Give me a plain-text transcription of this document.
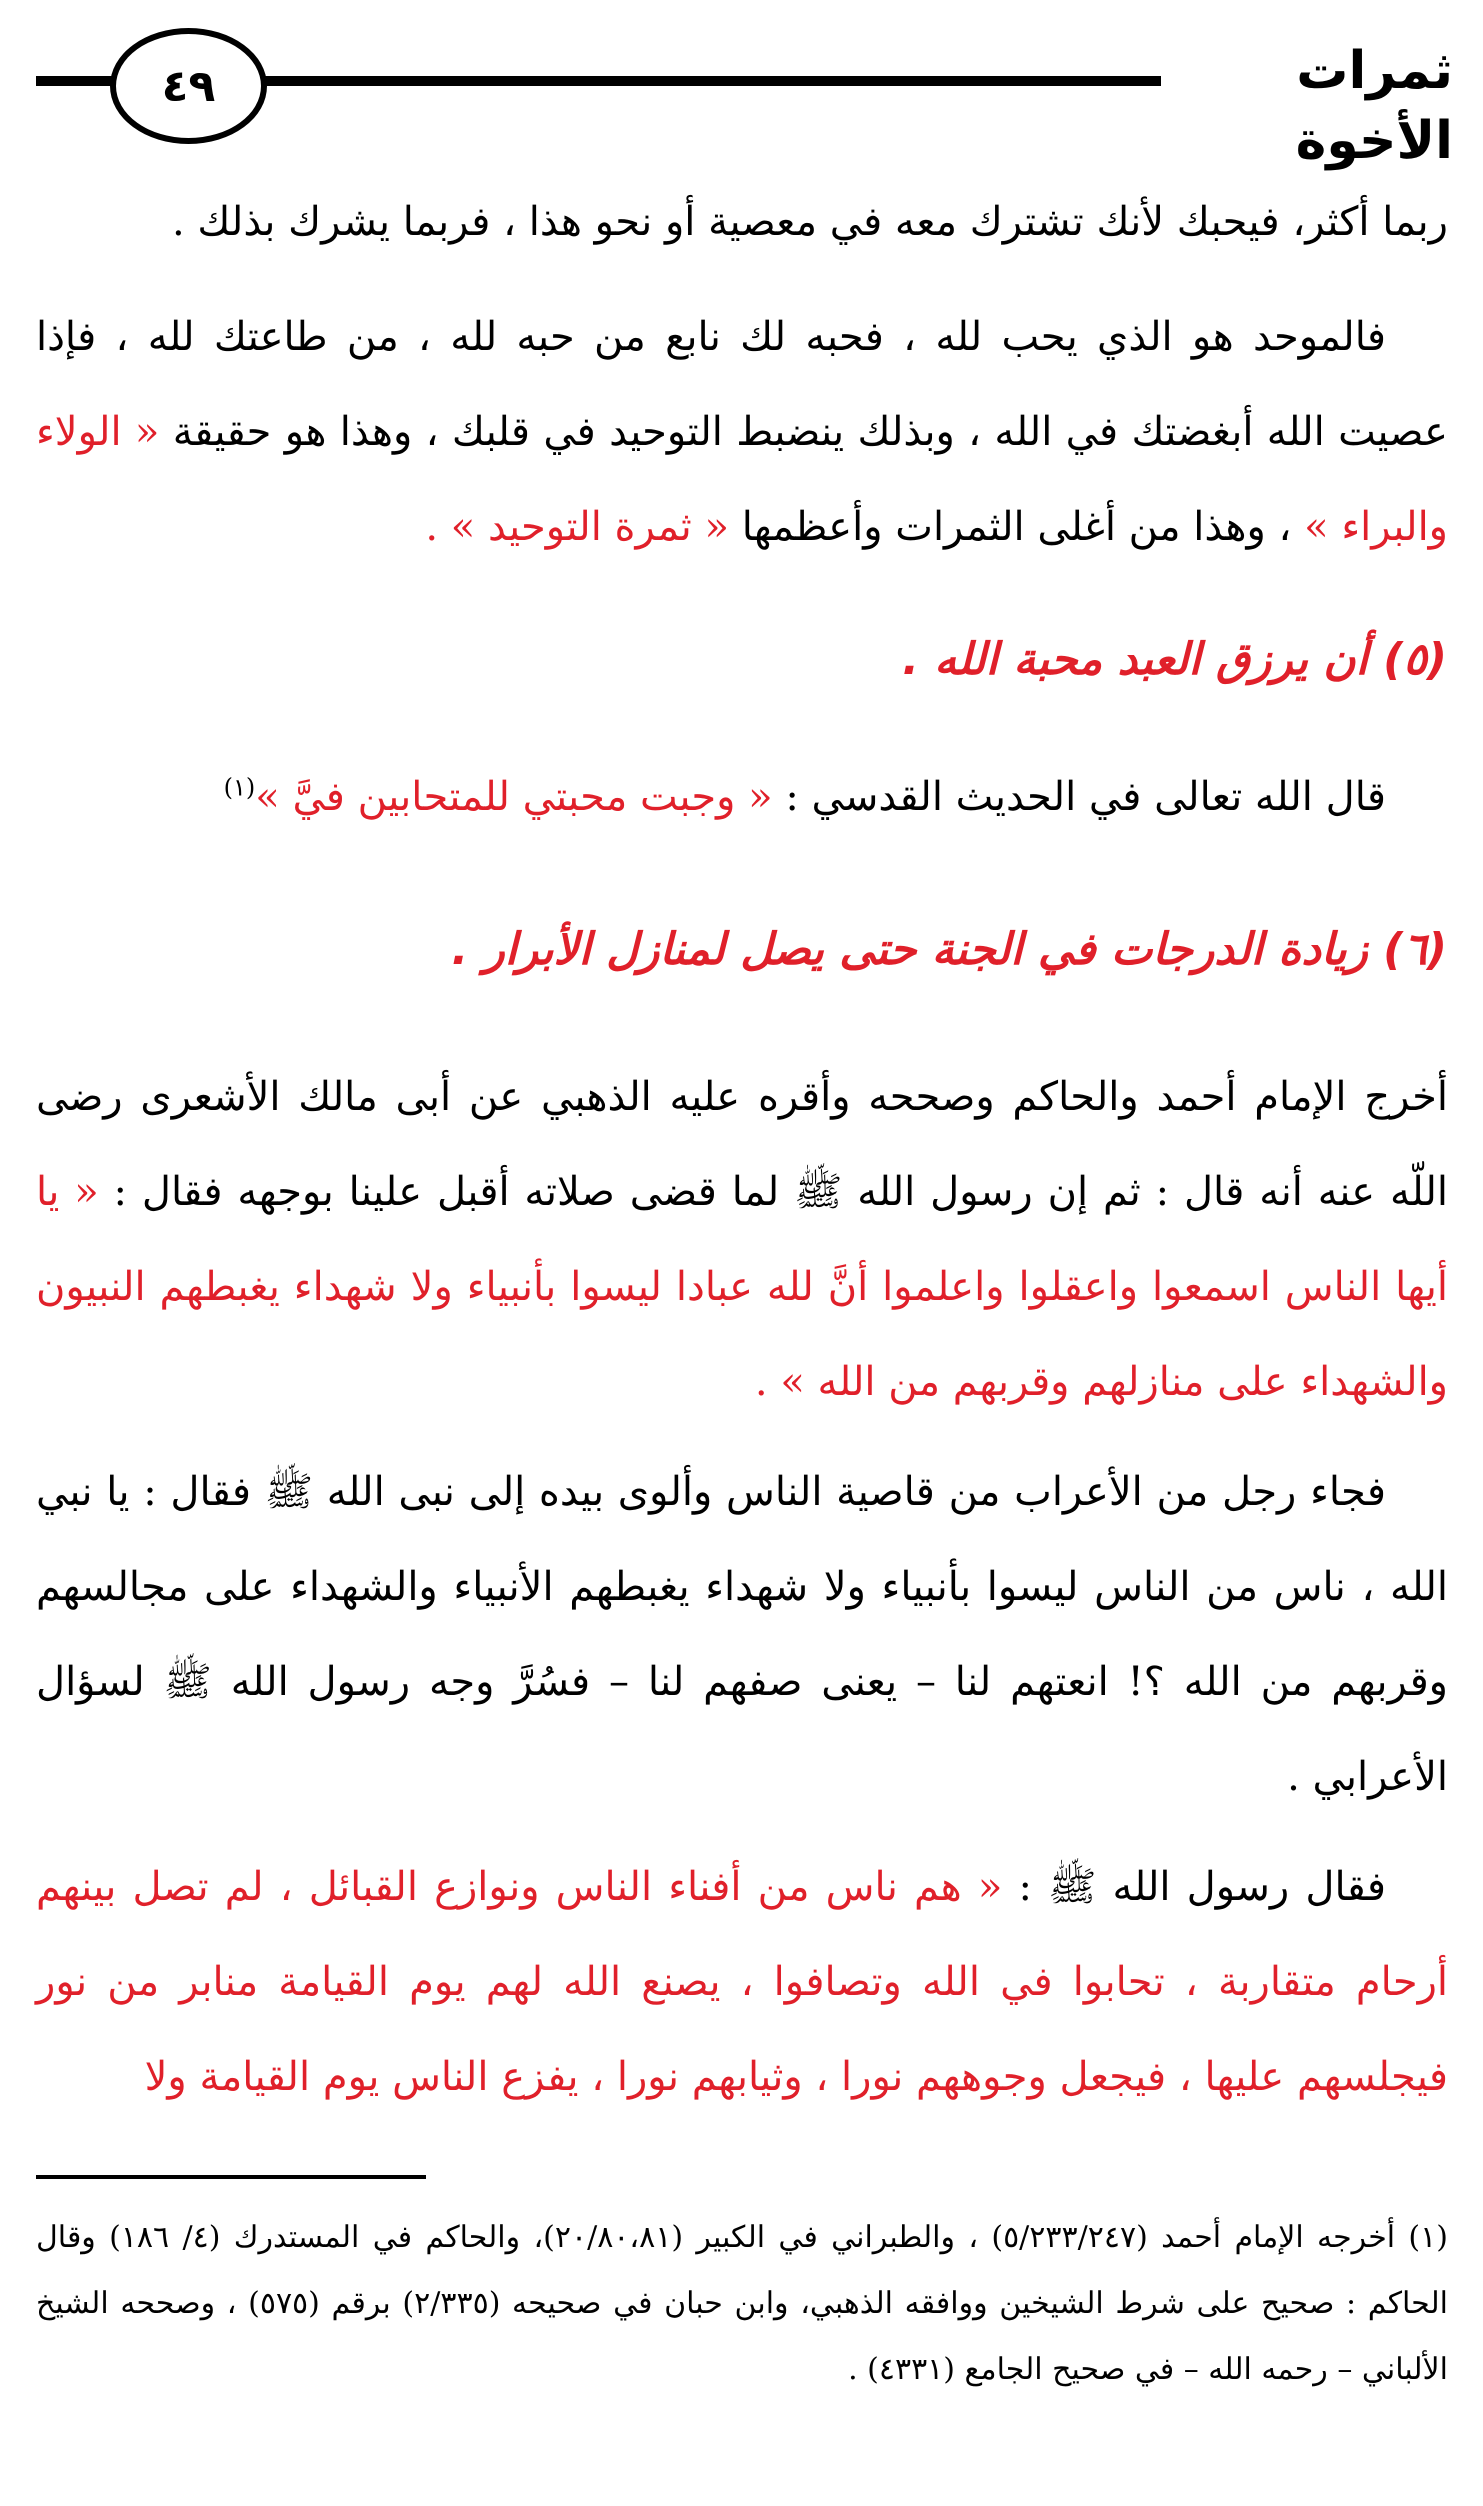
ثمرات الأخوة
٤٩

ربما أكثر، فيحبك لأنك تشترك معه في معصية أو نحو هذا ، فربما يشرك بذلك .

فالموحد هو الذي يحب لله ، فحبه لك نابع من حبه لله ، من طاعتك لله ، فإذا عصيت الله أبغضتك في الله ، وبذلك ينضبط التوحيد في قلبك ، وهذا هو حقيقة « الولاء والبراء » ، وهذا من أغلى الثمرات وأعظمها « ثمرة التوحيد » .

(٥) أن يرزق العبد محبة الله .

قال الله تعالى في الحديث القدسي : « وجبت محبتي للمتحابين فيَّ »$^{(١)}$

(٦) زيادة الدرجات في الجنة حتى يصل لمنازل الأبرار .

أخرج الإمام أحمد والحاكم وصححه وأقره عليه الذهبي عن أبى مالك الأشعرى رضى اللّه عنه أنه قال : ثم إن رسول الله ﷺ لما قضى صلاته أقبل علينا بوجهه فقال : « يا أيها الناس اسمعوا واعقلوا واعلموا أنَّ لله عبادا ليسوا بأنبياء ولا شهداء يغبطهم النبيون والشهداء على منازلهم وقربهم من الله » .

فجاء رجل من الأعراب من قاصية الناس وألوى بيده إلى نبى الله ﷺ فقال : يا نبي الله ، ناس من الناس ليسوا بأنبياء ولا شهداء يغبطهم الأنبياء والشهداء على مجالسهم وقربهم من الله ؟! انعتهم لنا – يعنى صفهم لنا – فسُرَّ وجه رسول الله ﷺ لسؤال الأعرابي .

فقال رسول الله ﷺ : « هم ناس من أفناء الناس ونوازع القبائل ، لم تصل بينهم أرحام متقاربة ، تحابوا في الله وتصافوا ، يصنع الله لهم يوم القيامة منابر من نور فيجلسهم عليها ، فيجعل وجوههم نورا ، وثيابهم نورا ، يفزع الناس يوم القيامة ولا

(١) أخرجه الإمام أحمد (٥/٢٣٣/٢٤٧) ، والطبراني في الكبير (٢٠/٨٠،٨١)، والحاكم في المستدرك (٤/ ١٨٦) وقال الحاكم : صحيح على شرط الشيخين ووافقه الذهبي، وابن حبان في صحيحه (٢/٣٣٥) برقم (٥٧٥) ، وصححه الشيخ الألباني – رحمه الله – في صحيح الجامع (٤٣٣١) .
